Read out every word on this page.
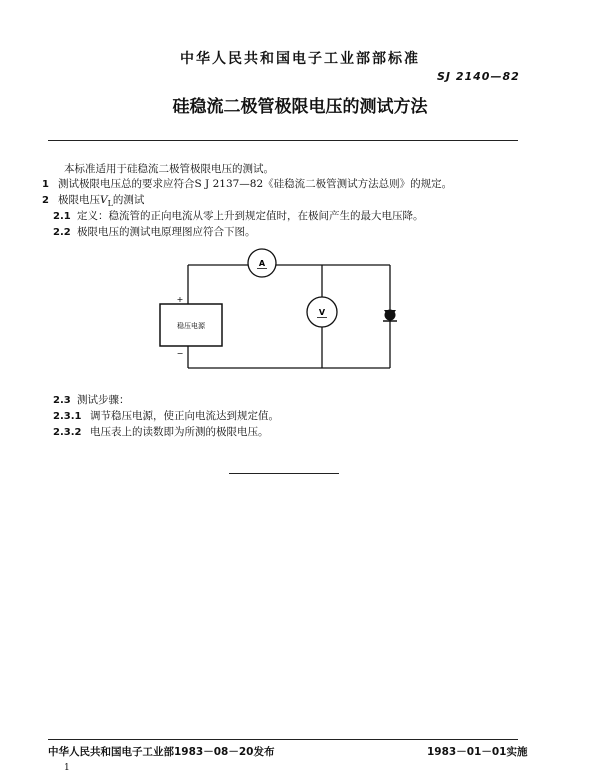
中华人民共和国电子工业部部标准
SJ 2140—82
硅稳流二极管极限电压的测试方法
本标准适用于硅稳流二极管极限电压的测试。
1 测试极限电压总的要求应符合S J 2137—82《硅稳流二极管测试方法总则》的规定。
2 极限电压$V_L$的测试
2.1 定义：稳流管的正向电流从零上升到规定值时，在极间产生的最大电压降。
2.2 极限电压的测试电原理图应符合下图。
A
V
稳压电源
+
−
2.3 测试步骤：
2.3.1 调节稳压电源，使正向电流达到规定值。
2.3.2 电压表上的读数即为所测的极限电压。
中华人民共和国电子工业部1983－08－20发布	1983－01－01实施
1
